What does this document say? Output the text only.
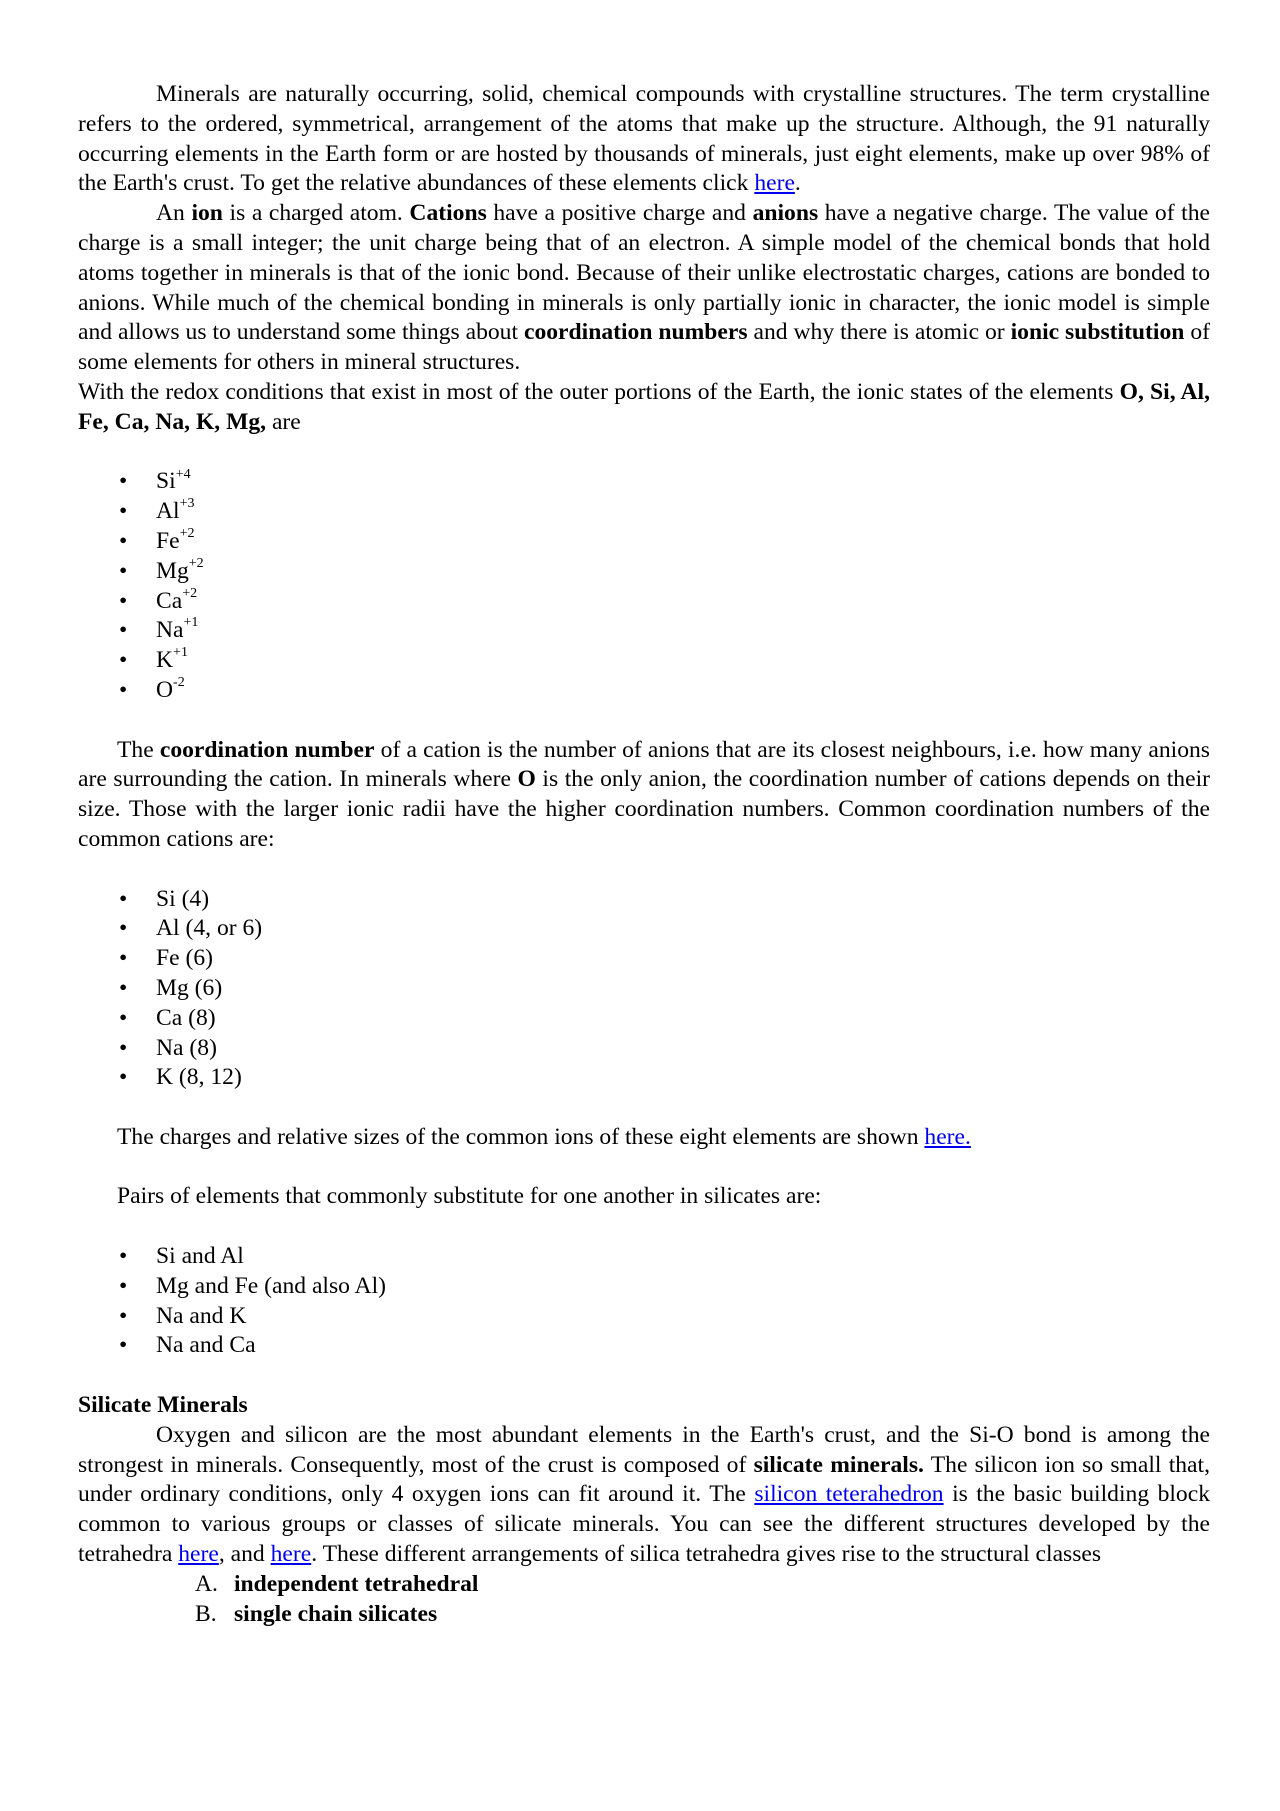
Minerals are naturally occurring, solid, chemical compounds with crystalline structures. The term crystalline refers to the ordered, symmetrical, arrangement of the atoms that make up the structure. Although, the 91 naturally occurring elements in the Earth form or are hosted by thousands of minerals, just eight elements, make up over 98% of the Earth's crust. To get the relative abundances of these elements click here.

An ion is a charged atom. Cations have a positive charge and anions have a negative charge. The value of the charge is a small integer; the unit charge being that of an electron. A simple model of the chemical bonds that hold atoms together in minerals is that of the ionic bond. Because of their unlike electrostatic charges, cations are bonded to anions. While much of the chemical bonding in minerals is only partially ionic in character, the ionic model is simple and allows us to understand some things about coordination numbers and why there is atomic or ionic substitution of some elements for others in mineral structures.

With the redox conditions that exist in most of the outer portions of the Earth, the ionic states of the elements O, Si, Al, Fe, Ca, Na, K, Mg, are

• $Si^{+4}$
• $Al^{+3}$
• $Fe^{+2}$
• $Mg^{+2}$
• $Ca^{+2}$
• $Na^{+1}$
• $K^{+1}$
• $O^{-2}$

The coordination number of a cation is the number of anions that are its closest neighbours, i.e. how many anions are surrounding the cation. In minerals where O is the only anion, the coordination number of cations depends on their size. Those with the larger ionic radii have the higher coordination numbers. Common coordination numbers of the common cations are:

• Si (4)
• Al (4, or 6)
• Fe (6)
• Mg (6)
• Ca (8)
• Na (8)
• K (8, 12)

The charges and relative sizes of the common ions of these eight elements are shown here.

Pairs of elements that commonly substitute for one another in silicates are:

• Si and Al
• Mg and Fe (and also Al)
• Na and K
• Na and Ca

Silicate Minerals

Oxygen and silicon are the most abundant elements in the Earth's crust, and the Si-O bond is among the strongest in minerals. Consequently, most of the crust is composed of silicate minerals. The silicon ion so small that, under ordinary conditions, only 4 oxygen ions can fit around it. The silicon teterahedron is the basic building block common to various groups or classes of silicate minerals. You can see the different structures developed by the tetrahedra here, and here. These different arrangements of silica tetrahedra gives rise to the structural classes

A. independent tetrahedral
B. single chain silicates
